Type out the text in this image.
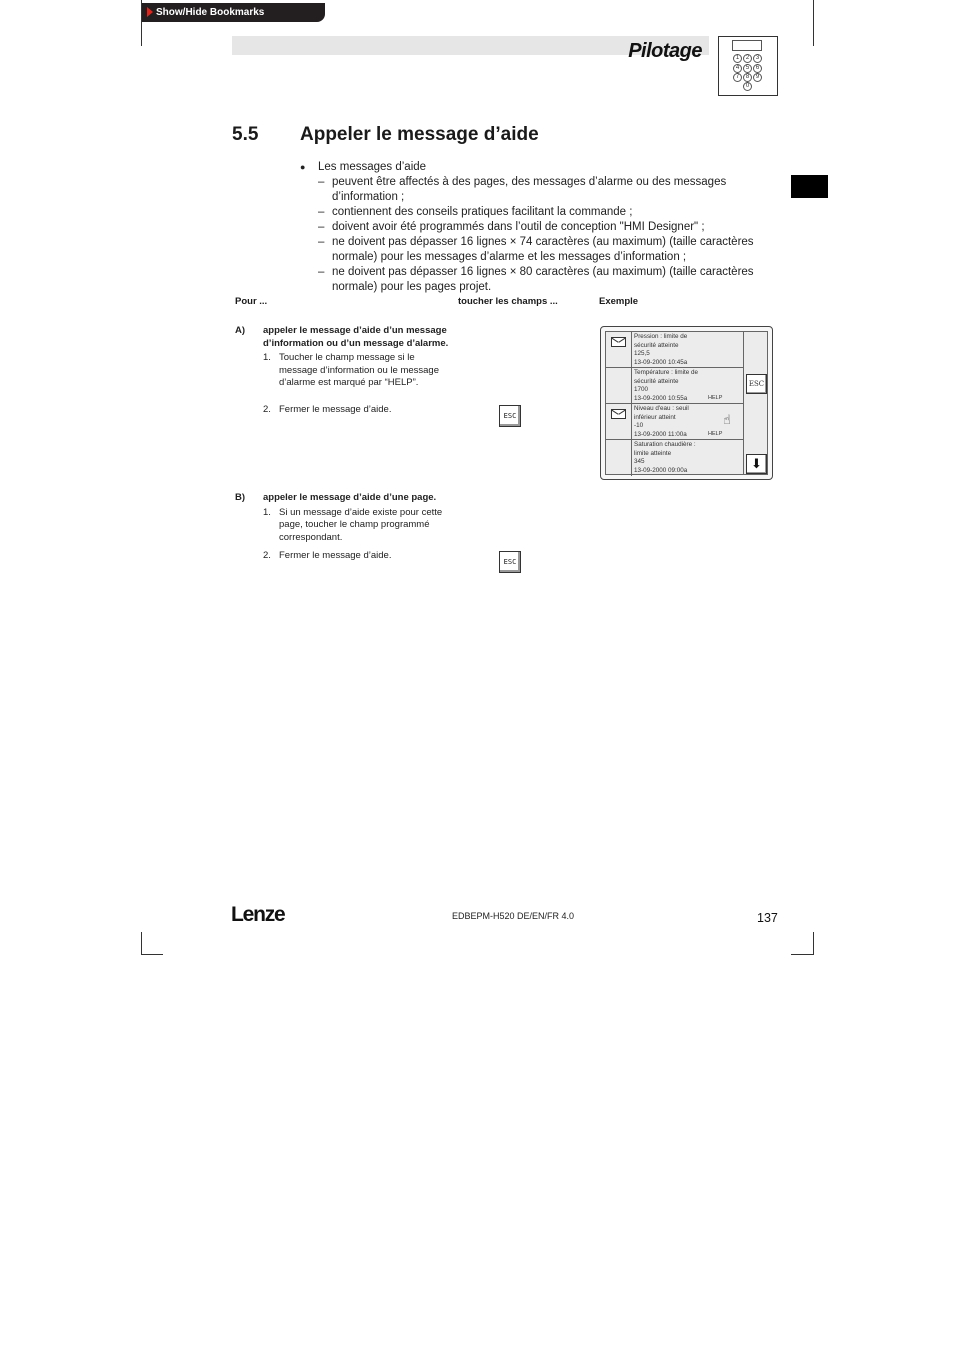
Show/Hide Bookmarks
Pilotage	1	2	3
4	5	6
7	8	9
0
5.5 Appeler le message d’aide
● Les messages d’aide
– peuvent être affectés à des pages, des messages d’alarme ou des messages d’information ;
– contiennent des conseils pratiques facilitant la commande ;
– doivent avoir été programmés dans l’outil de conception "HMI Designer" ;
– ne doivent pas dépasser 16 lignes × 74 caractères (au maximum) (taille caractères normale) pour les messages d’alarme et les messages d’information ;
– ne doivent pas dépasser 16 lignes × 80 caractères (au maximum) (taille caractères normale) pour les pages projet.
Pour ...	toucher les champs ...	Exemple
A) appeler le message d’aide d’un message d’information ou d’un message d’alarme.
1. Toucher le champ message si le message d’information ou le message d’alarme est marqué par “HELP”.
2. Fermer le message d’aide.
ESC
Pression : limite de
sécurité atteinte
125,5
13-09-2000 10:45a
Température : limite de
sécurité atteinte
1700
13-09-2000 10:55a	HELP
☝
Niveau d'eau : seuil
inférieur atteint
-10
13-09-2000 11:00a	HELP
Saturation chaudière :
limite atteinte
345
13-09-2000 09:00a
ESC
⬇
B) appeler le message d’aide d’une page.
1. Si un message d’aide existe pour cette page, toucher le champ programmé correspondant.
2. Fermer le message d’aide.
ESC
Lenze	EDBEPM-H520 DE/EN/FR 4.0	137
